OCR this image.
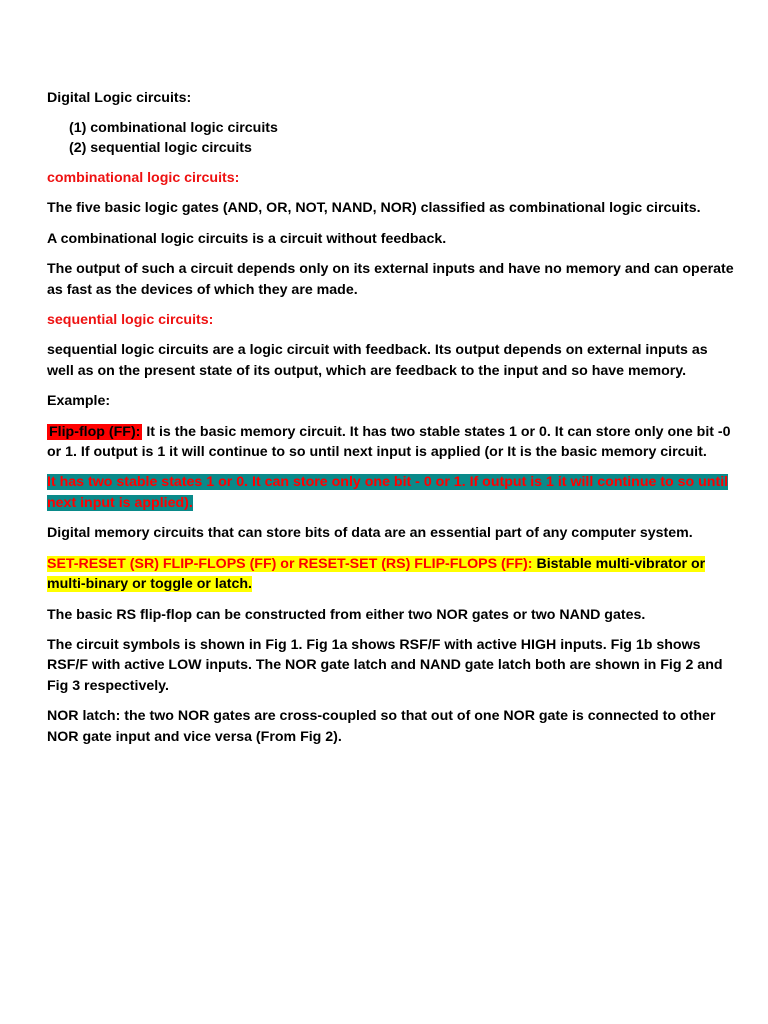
Digital Logic circuits:

(1) combinational logic circuits

(2) sequential logic circuits

combinational logic circuits:

The five basic logic gates (AND, OR, NOT, NAND, NOR) classified as combinational logic circuits.

A combinational logic circuits is a circuit without feedback.

The output of such a circuit depends only on its external inputs and have no memory and can operate as fast as the devices of which they are made.

sequential logic circuits:

sequential logic circuits are a logic circuit with feedback. Its output depends on external inputs as well as on the present state of its output, which are feedback to the input and so have memory.

Example:

Flip-flop (FF): It is the basic memory circuit. It has two stable states 1 or 0. It can store only one bit -0 or 1. If output is 1 it will continue to so until next input is applied (or It is the basic memory circuit.

It has two stable states 1 or 0. It can store only one bit - 0 or 1. If output is 1 it will continue to so until next input is applied).

Digital memory circuits that can store bits of data are an essential part of any computer system.

SET-RESET (SR) FLIP-FLOPS (FF) or RESET-SET (RS) FLIP-FLOPS (FF): Bistable multi-vibrator or multi-binary or toggle or latch.

The basic RS flip-flop can be constructed from either two NOR gates or two NAND gates.

The circuit symbols is shown in Fig 1. Fig 1a shows RSF/F with active HIGH inputs. Fig 1b shows RSF/F with active LOW inputs. The NOR gate latch and NAND gate latch both are shown in Fig 2 and Fig 3 respectively.

NOR latch: the two NOR gates are cross-coupled so that out of one NOR gate is connected to other NOR gate input and vice versa (From Fig 2).
